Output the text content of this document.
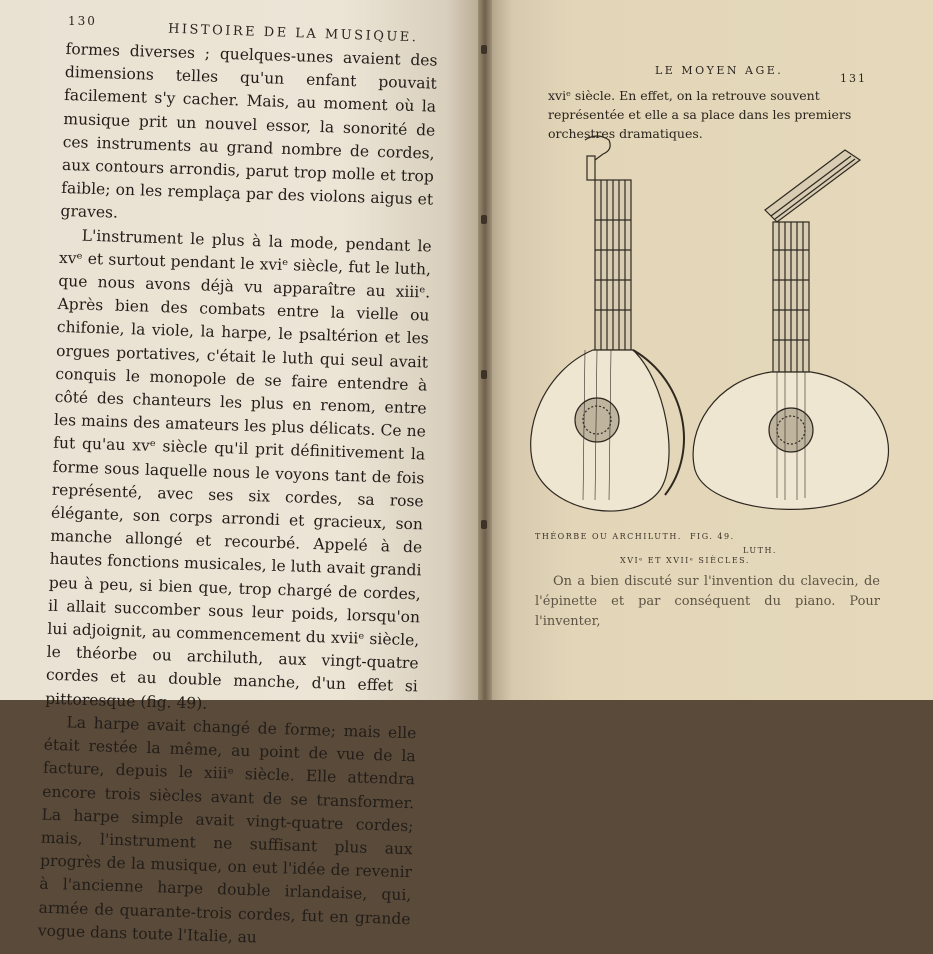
130
HISTOIRE DE LA MUSIQUE.

formes diverses ; quelques-unes avaient des dimensions telles qu'un enfant pouvait facilement s'y cacher. Mais, au moment où la musique prit un nouvel essor, la sonorité de ces instruments au grand nombre de cordes, aux contours arrondis, parut trop molle et trop faible; on les remplaça par des violons aigus et graves.

L'instrument le plus à la mode, pendant le xvᵉ et surtout pendant le xviᵉ siècle, fut le luth, que nous avons déjà vu apparaître au xiiiᵉ. Après bien des combats entre la vielle ou chifonie, la viole, la harpe, le psaltérion et les orgues portatives, c'était le luth qui seul avait conquis le monopole de se faire entendre à côté des chanteurs les plus en renom, entre les mains des amateurs les plus délicats. Ce ne fut qu'au xvᵉ siècle qu'il prit définitivement la forme sous laquelle nous le voyons tant de fois représenté, avec ses six cordes, sa rose élégante, son corps arrondi et gracieux, son manche allongé et recourbé. Appelé à de hautes fonctions musicales, le luth avait grandi peu à peu, si bien que, trop chargé de cordes, il allait succomber sous leur poids, lorsqu'on lui adjoignit, au commencement du xviiᵉ siècle, le théorbe ou archiluth, aux vingt-quatre cordes et au double manche, d'un effet si pittoresque (fig. 49).

La harpe avait changé de forme; mais elle était restée la même, au point de vue de la facture, depuis le xiiiᵉ siècle. Elle attendra encore trois siècles avant de se transformer. La harpe simple avait vingt-quatre cordes; mais, l'instrument ne suffisant plus aux progrès de la musique, on eut l'idée de revenir à l'ancienne harpe double irlandaise, qui, armée de quarante-trois cordes, fut en grande vogue dans toute l'Italie, au

LE MOYEN AGE.
131
xviᵉ siècle. En effet, on la retrouve souvent représentée et elle a sa place dans les premiers orchestres dramatiques.
THÉORBE OU ARCHILUTH. FIG. 49.
LUTH.
XVIᵉ ET XVIIᵉ SIÈCLES.
On a bien discuté sur l'invention du clavecin, de l'épinette et par conséquent du piano. Pour l'inventer,
